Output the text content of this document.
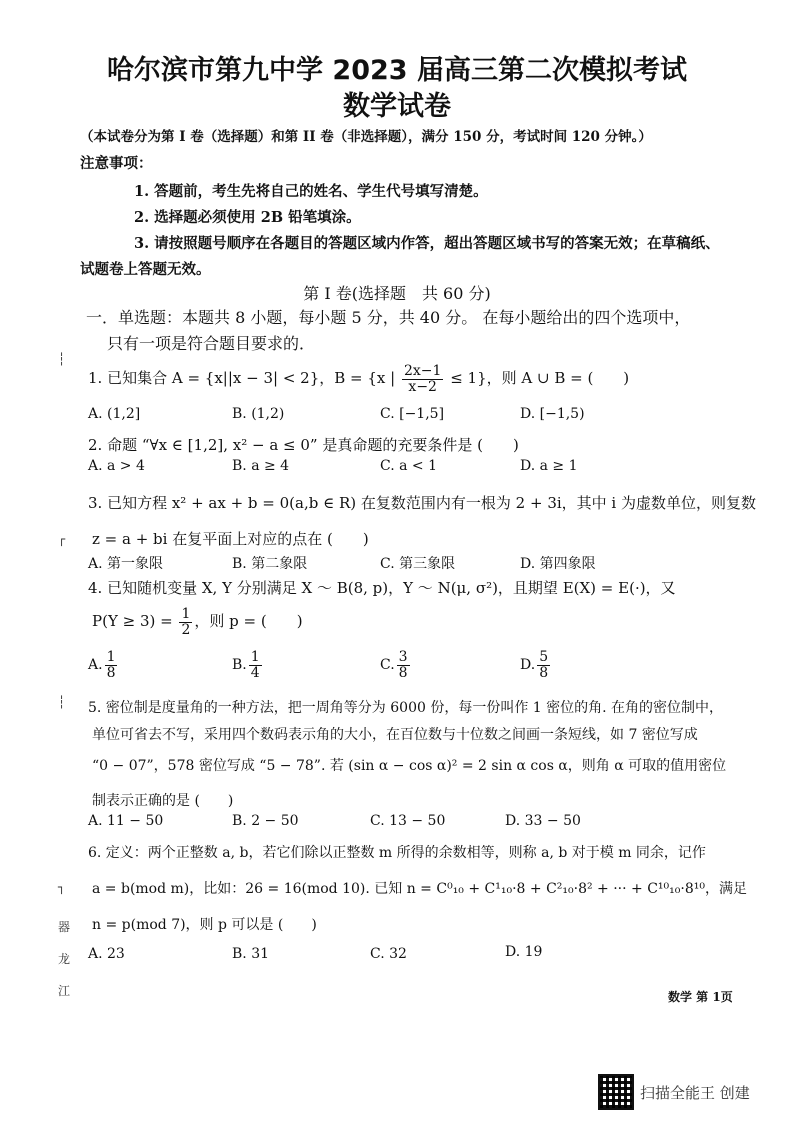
哈尔滨市第九中学 2023 届高三第二次模拟考试
数学试卷
（本试卷分为第 I 卷（选择题）和第 II 卷（非选择题），满分 150 分，考试时间 120 分钟。）
注意事项：
1. 答题前，考生先将自己的姓名、学生代号填写清楚。
2. 选择题必须使用 2B 铅笔填涂。
3. 请按照题号顺序在各题目的答题区域内作答，超出答题区域书写的答案无效；在草稿纸、
试题卷上答题无效。
第 I 卷(选择题　共 60 分)
一．单选题：本题共 8 小题，每小题 5 分，共 40 分。 在每小题给出的四个选项中，
只有一项是符合题目要求的．
1. 已知集合 A = {x||x − 3| < 2}，B = {x | $\frac{2x-1}{x-2} \le 1$}，则 A ∪ B = (　　)
A. (1,2]	B. (1,2)	C. [−1,5]	D. [−1,5)
2. 命题 “∀x ∈ [1,2], x² − a ≤ 0” 是真命题的充要条件是 (　　)
A. a > 4	B. a ≥ 4	C. a < 1	D. a ≥ 1
3. 已知方程 x² + ax + b = 0(a,b ∈ R) 在复数范围内有一根为 2 + 3i，其中 i 为虚数单位，则复数
z = a + bi 在复平面上对应的点在 (　　)
A. 第一象限	B. 第二象限	C. 第三象限	D. 第四象限
4. 已知随机变量 X, Y 分别满足 X ～ B(8, p)，Y ～ N(μ, σ²)，且期望 E(X) = E(·)，又
$P(Y \ge 3) = \frac{1}{2}$ ，则 p = (　　)
A. $\frac{1}{8}$	B. $\frac{1}{4}$	C. $\frac{3}{8}$	D. $\frac{5}{8}$
5. 密位制是度量角的一种方法，把一周角等分为 6000 份，每一份叫作 1 密位的角. 在角的密位制中，
单位可省去不写，采用四个数码表示角的大小，在百位数与十位数之间画一条短线，如 7 密位写成
“0 − 07”，578 密位写成 “5 − 78”. 若 (sin α − cos α)² = 2 sin α cos α，则角 α 可取的值用密位
制表示正确的是 (　　)
A. 11 − 50	B. 2 − 50	C. 13 − 50	D. 33 − 50
6. 定义：两个正整数 a, b，若它们除以正整数 m 所得的余数相等，则称 a, b 对于模 m 同余，记作
a = b(mod m)，比如：26 = 16(mod 10). 已知 n = C⁰₁₀ + C¹₁₀·8 + C²₁₀·8² + ··· + C¹⁰₁₀·8¹⁰，满足
n = p(mod 7)，则 p 可以是 (　　)
A. 23	B. 31	C. 32	D. 19
┆
┌
┆
┐
器
龙
江	数学 第 1页
扫描全能王 创建
